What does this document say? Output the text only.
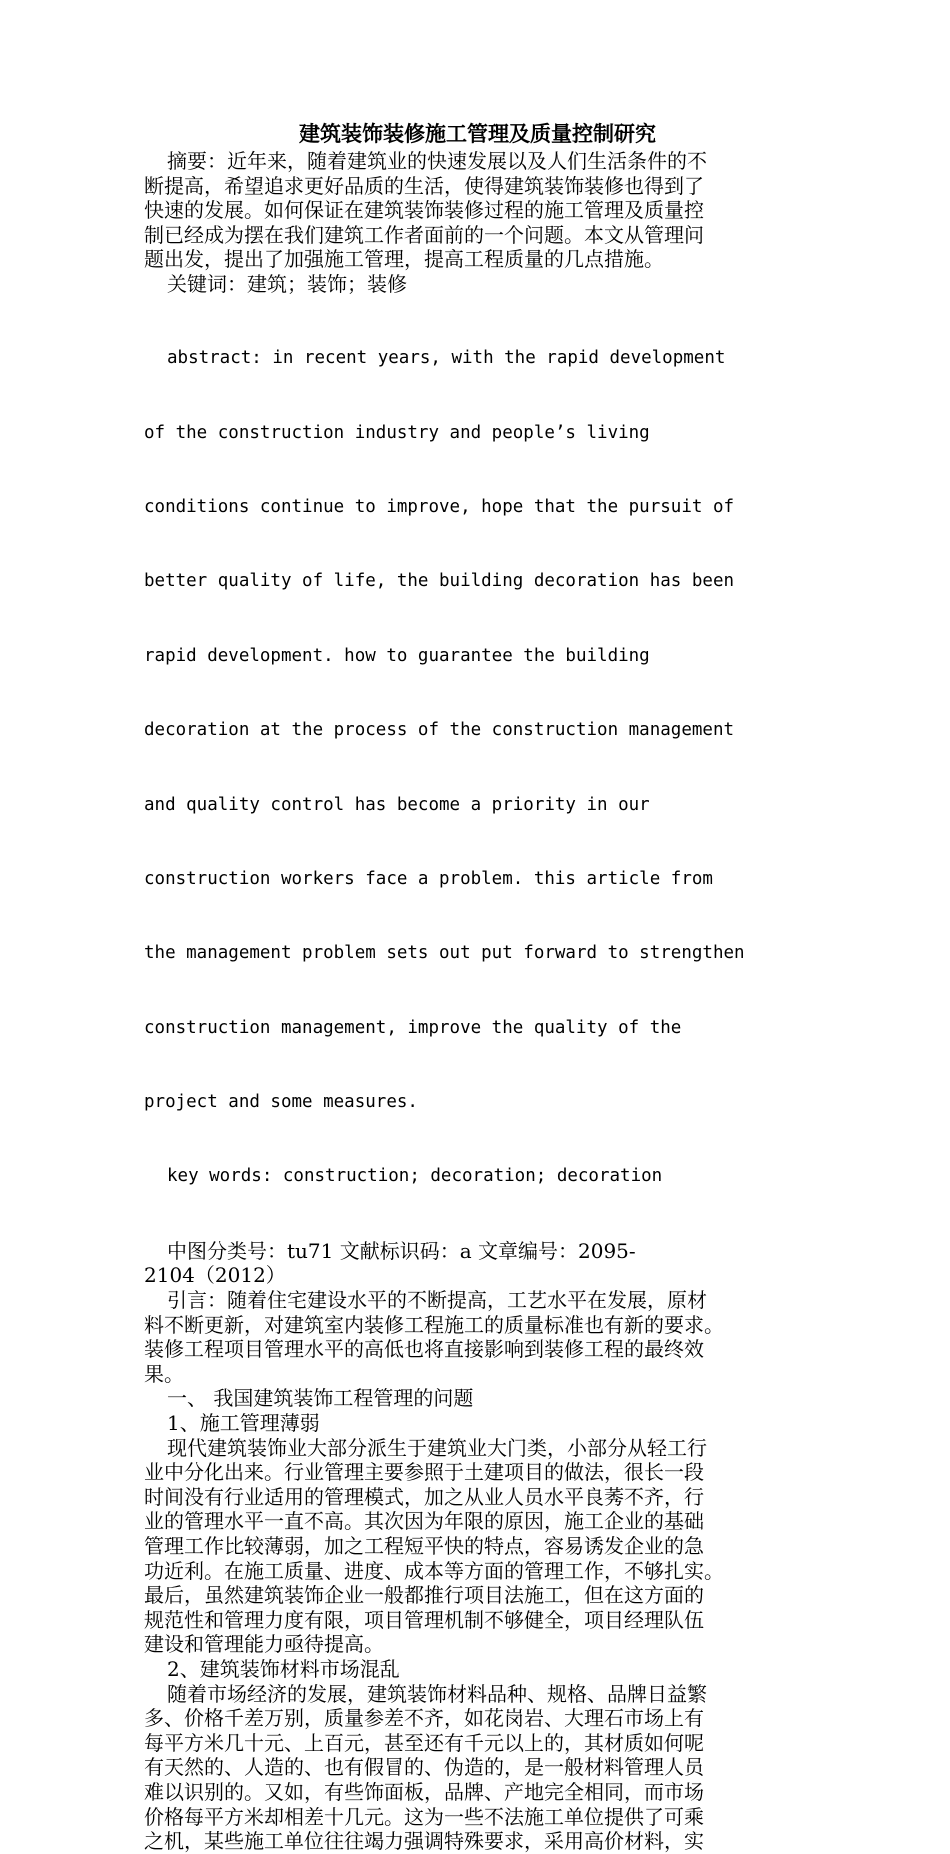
建筑装饰装修施工管理及质量控制研究
摘要：近年来，随着建筑业的快速发展以及人们生活条件的不
断提高，希望追求更好品质的生活，使得建筑装饰装修也得到了
快速的发展。如何保证在建筑装饰装修过程的施工管理及质量控
制已经成为摆在我们建筑工作者面前的一个问题。本文从管理问
题出发，提出了加强施工管理，提高工程质量的几点措施。
关键词：建筑；装饰；装修

abstract: in recent years, with the rapid development

of the construction industry and people’s living

conditions continue to improve, hope that the pursuit of

better quality of life, the building decoration has been

rapid development. how to guarantee the building

decoration at the process of the construction management

and quality control has become a priority in our

construction workers face a problem. this article from

the management problem sets out put forward to strengthen

construction management, improve the quality of the

project and some measures.

key words: construction; decoration; decoration

中图分类号：tu71 文献标识码：a 文章编号：2095-
2104（2012）
引言：随着住宅建设水平的不断提高，工艺水平在发展，原材
料不断更新，对建筑室内装修工程施工的质量标准也有新的要求。
装修工程项目管理水平的高低也将直接影响到装修工程的最终效
果。
一、 我国建筑装饰工程管理的问题
1、施工管理薄弱
现代建筑装饰业大部分派生于建筑业大门类，小部分从轻工行
业中分化出来。行业管理主要参照于土建项目的做法，很长一段
时间没有行业适用的管理模式，加之从业人员水平良莠不齐，行
业的管理水平一直不高。其次因为年限的原因，施工企业的基础
管理工作比较薄弱，加之工程短平快的特点，容易诱发企业的急
功近利。在施工质量、进度、成本等方面的管理工作，不够扎实。
最后，虽然建筑装饰企业一般都推行项目法施工，但在这方面的
规范性和管理力度有限，项目管理机制不够健全，项目经理队伍
建设和管理能力亟待提高。
2、建筑装饰材料市场混乱
随着市场经济的发展，建筑装饰材料品种、规格、品牌日益繁
多、价格千差万别，质量参差不齐，如花岗岩、大理石市场上有
每平方米几十元、上百元，甚至还有千元以上的，其材质如何呢
有天然的、人造的、也有假冒的、伪造的，是一般材料管理人员
难以识别的。又如，有些饰面板，品牌、产地完全相同，而市场
价格每平方米却相差十几元。这为一些不法施工单位提供了可乘
之机，某些施工单位往往竭力强调特殊要求，采用高价材料，实
